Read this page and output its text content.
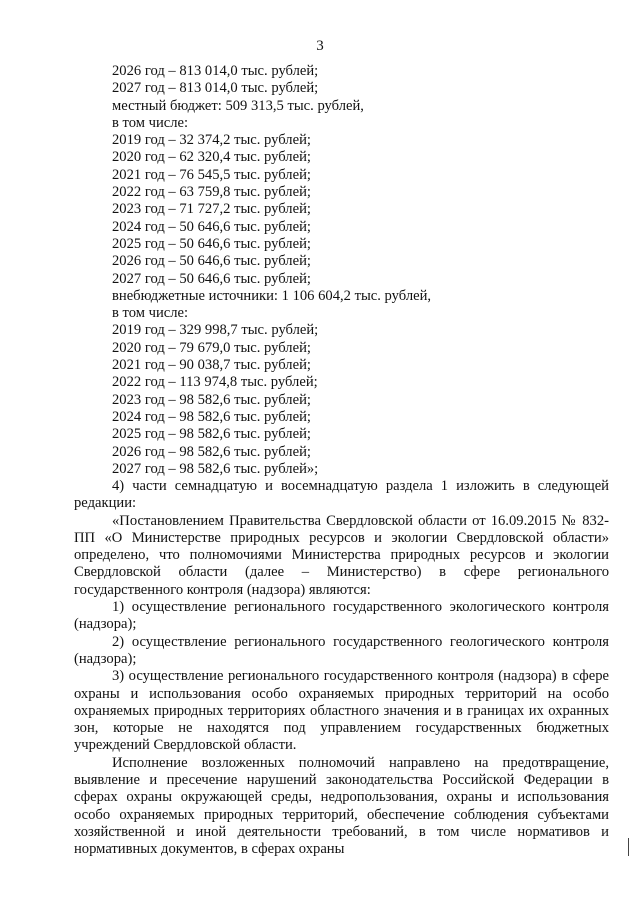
3
2026 год – 813 014,0 тыс. рублей;
2027 год – 813 014,0 тыс. рублей;
местный бюджет: 509 313,5 тыс. рублей,
в том числе:
2019 год – 32 374,2 тыс. рублей;
2020 год – 62 320,4 тыс. рублей;
2021 год – 76 545,5 тыс. рублей;
2022 год – 63 759,8 тыс. рублей;
2023 год – 71 727,2 тыс. рублей;
2024 год – 50 646,6 тыс. рублей;
2025 год – 50 646,6 тыс. рублей;
2026 год – 50 646,6 тыс. рублей;
2027 год – 50 646,6 тыс. рублей;
внебюджетные источники: 1 106 604,2 тыс. рублей,
в том числе:
2019 год – 329 998,7 тыс. рублей;
2020 год – 79 679,0 тыс. рублей;
2021 год – 90 038,7 тыс. рублей;
2022 год – 113 974,8 тыс. рублей;
2023 год – 98 582,6 тыс. рублей;
2024 год – 98 582,6 тыс. рублей;
2025 год – 98 582,6 тыс. рублей;
2026 год – 98 582,6 тыс. рублей;
2027 год – 98 582,6 тыс. рублей»;

4) части семнадцатую и восемнадцатую раздела 1 изложить в следующей редакции:

«Постановлением Правительства Свердловской области от 16.09.2015 № 832-ПП «О Министерстве природных ресурсов и экологии Свердловской области» определено, что полномочиями Министерства природных ресурсов и экологии Свердловской области (далее – Министерство) в сфере регионального государственного контроля (надзора) являются:

1) осуществление регионального государственного экологического контроля (надзора);

2) осуществление регионального государственного геологического контроля (надзора);

3) осуществление регионального государственного контроля (надзора) в сфере охраны и использования особо охраняемых природных территорий на особо охраняемых природных территориях областного значения и в границах их охранных зон, которые не находятся под управлением государственных бюджетных учреждений Свердловской области.

Исполнение возложенных полномочий направлено на предотвращение, выявление и пресечение нарушений законодательства Российской Федерации в сферах охраны окружающей среды, недропользования, охраны и использования особо охраняемых природных территорий, обеспечение соблюдения субъектами хозяйственной и иной деятельности требований, в том числе нормативов и нормативных документов, в сферах охраны
